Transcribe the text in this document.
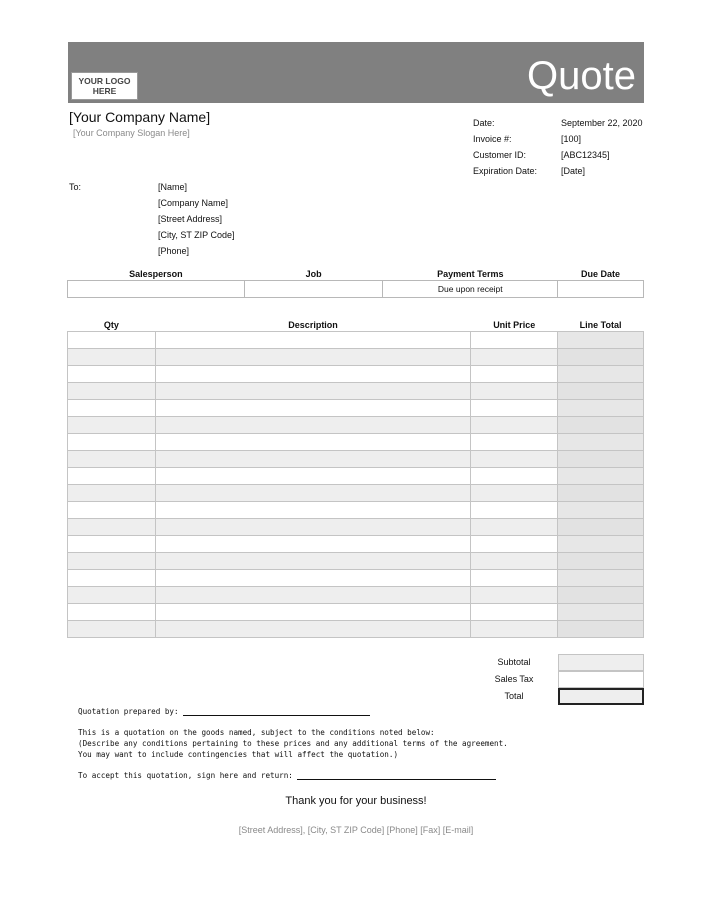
YOUR LOGO
HERE	Quote
[Your Company Name]
[Your Company Slogan Here]
Date:	September 22, 2020
Invoice #:	[100]
Customer ID:	[ABC12345]
Expiration Date:	[Date]
To:	[Name]
[Company Name]
[Street Address]
[City, ST ZIP Code]
[Phone]
Salesperson	Job	Payment Terms	Due Date
		Due upon receipt	
Qty	Description	Unit Price	Line Total

Subtotal
Sales Tax
Total
Quotation prepared by:
This is a quotation on the goods named, subject to the conditions noted below:
(Describe any conditions pertaining to these prices and any additional terms of the agreement.
You may want to include contingencies that will affect the quotation.)
To accept this quotation, sign here and return:
Thank you for your business!
[Street Address], [City, ST ZIP Code] [Phone] [Fax] [E-mail]
